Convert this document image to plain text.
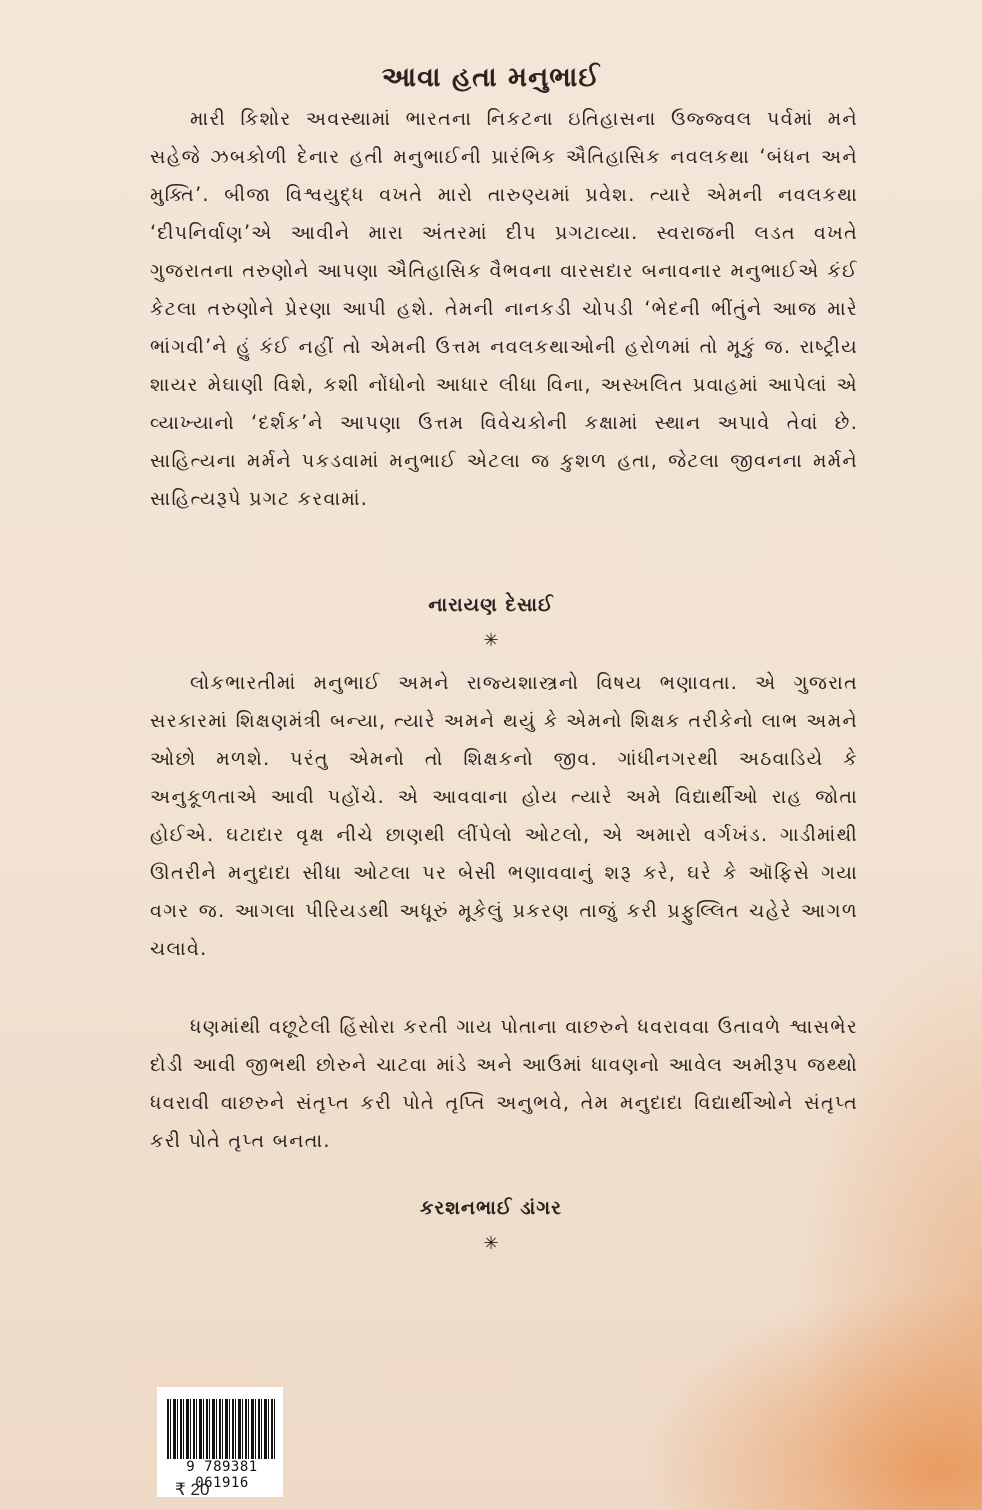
આવા હતા મનુભાઈ
મારી કિશોર અવસ્થામાં ભારતના નિકટના ઇતિહાસના ઉજ્જ્વલ પર્વમાં મને સહેજે ઝબકોળી દેનાર હતી મનુભાઈની પ્રારંભિક ઐતિહાસિક નવલકથા ‘બંધન અને મુક્તિ’. બીજા વિશ્વયુદ્ધ વખતે મારો તારુણ્યમાં પ્રવેશ. ત્યારે એમની નવલકથા ‘દીપનિર્વાણ’એ આવીને મારા અંતરમાં દીપ પ્રગટાવ્યા. સ્વરાજની લડત વખતે ગુજરાતના તરુણોને આપણા ઐતિહાસિક વૈભવના વારસદાર બનાવનાર મનુભાઈએ કંઈ કેટલા તરુણોને પ્રેરણા આપી હશે. તેમની નાનકડી ચોપડી ‘ભેદની ભીંતુંને આજ મારે ભાંગવી’ને હું કંઈ નહીં તો એમની ઉત્તમ નવલકથાઓની હરોળમાં તો મૂકું જ. રાષ્ટ્રીય શાયર મેઘાણી વિશે, કશી નોંધોનો આધાર લીધા વિના, અસ્ખલિત પ્રવાહમાં આપેલાં એ વ્યાખ્યાનો ‘દર્શક’ને આપણા ઉત્તમ વિવેચકોની કક્ષામાં સ્થાન અપાવે તેવાં છે. સાહિત્યના મર્મને પકડવામાં મનુભાઈ એટલા જ કુશળ હતા, જેટલા જીવનના મર્મને સાહિત્યરૂપે પ્રગટ કરવામાં.
નારાયણ દેસાઈ
✳
લોકભારતીમાં મનુભાઈ અમને રાજ્યશાસ્ત્રનો વિષય ભણાવતા. એ ગુજરાત સરકારમાં શિક્ષણમંત્રી બન્યા, ત્યારે અમને થયું કે એમનો શિક્ષક તરીકેનો લાભ અમને ઓછો મળશે. પરંતુ એમનો તો શિક્ષકનો જીવ. ગાંધીનગરથી અઠવાડિયે કે અનુકૂળતાએ આવી પહોંચે. એ આવવાના હોય ત્યારે અમે વિદ્યાર્થીઓ રાહ જોતા હોઈએ. ઘટાદાર વૃક્ષ નીચે છાણથી લીંપેલો ઓટલો, એ અમારો વર્ગખંડ. ગાડીમાંથી ઊતરીને મનુદાદા સીધા ઓટલા પર બેસી ભણાવવાનું શરૂ કરે, ઘરે કે ઑફિસે ગયા વગર જ. આગલા પીરિયડથી અધૂરું મૂકેલું પ્રકરણ તાજું કરી પ્રફુલ્લિત ચહેરે આગળ ચલાવે.
ધણમાંથી વછૂટેલી હિંસોરા કરતી ગાય પોતાના વાછરુને ધવરાવવા ઉતાવળે શ્વાસભેર દોડી આવી જીભથી છોરુને ચાટવા માંડે અને આઉમાં ધાવણનો આવેલ અમીરૂપ જથ્થો ધવરાવી વાછરુને સંતૃપ્ત કરી પોતે તૃપ્તિ અનુભવે, તેમ મનુદાદા વિદ્યાર્થીઓને સંતૃપ્ત કરી પોતે તૃપ્ત બનતા.
કરશનભાઈ ડાંગર
✳
9 789381 061916
₹ 20
